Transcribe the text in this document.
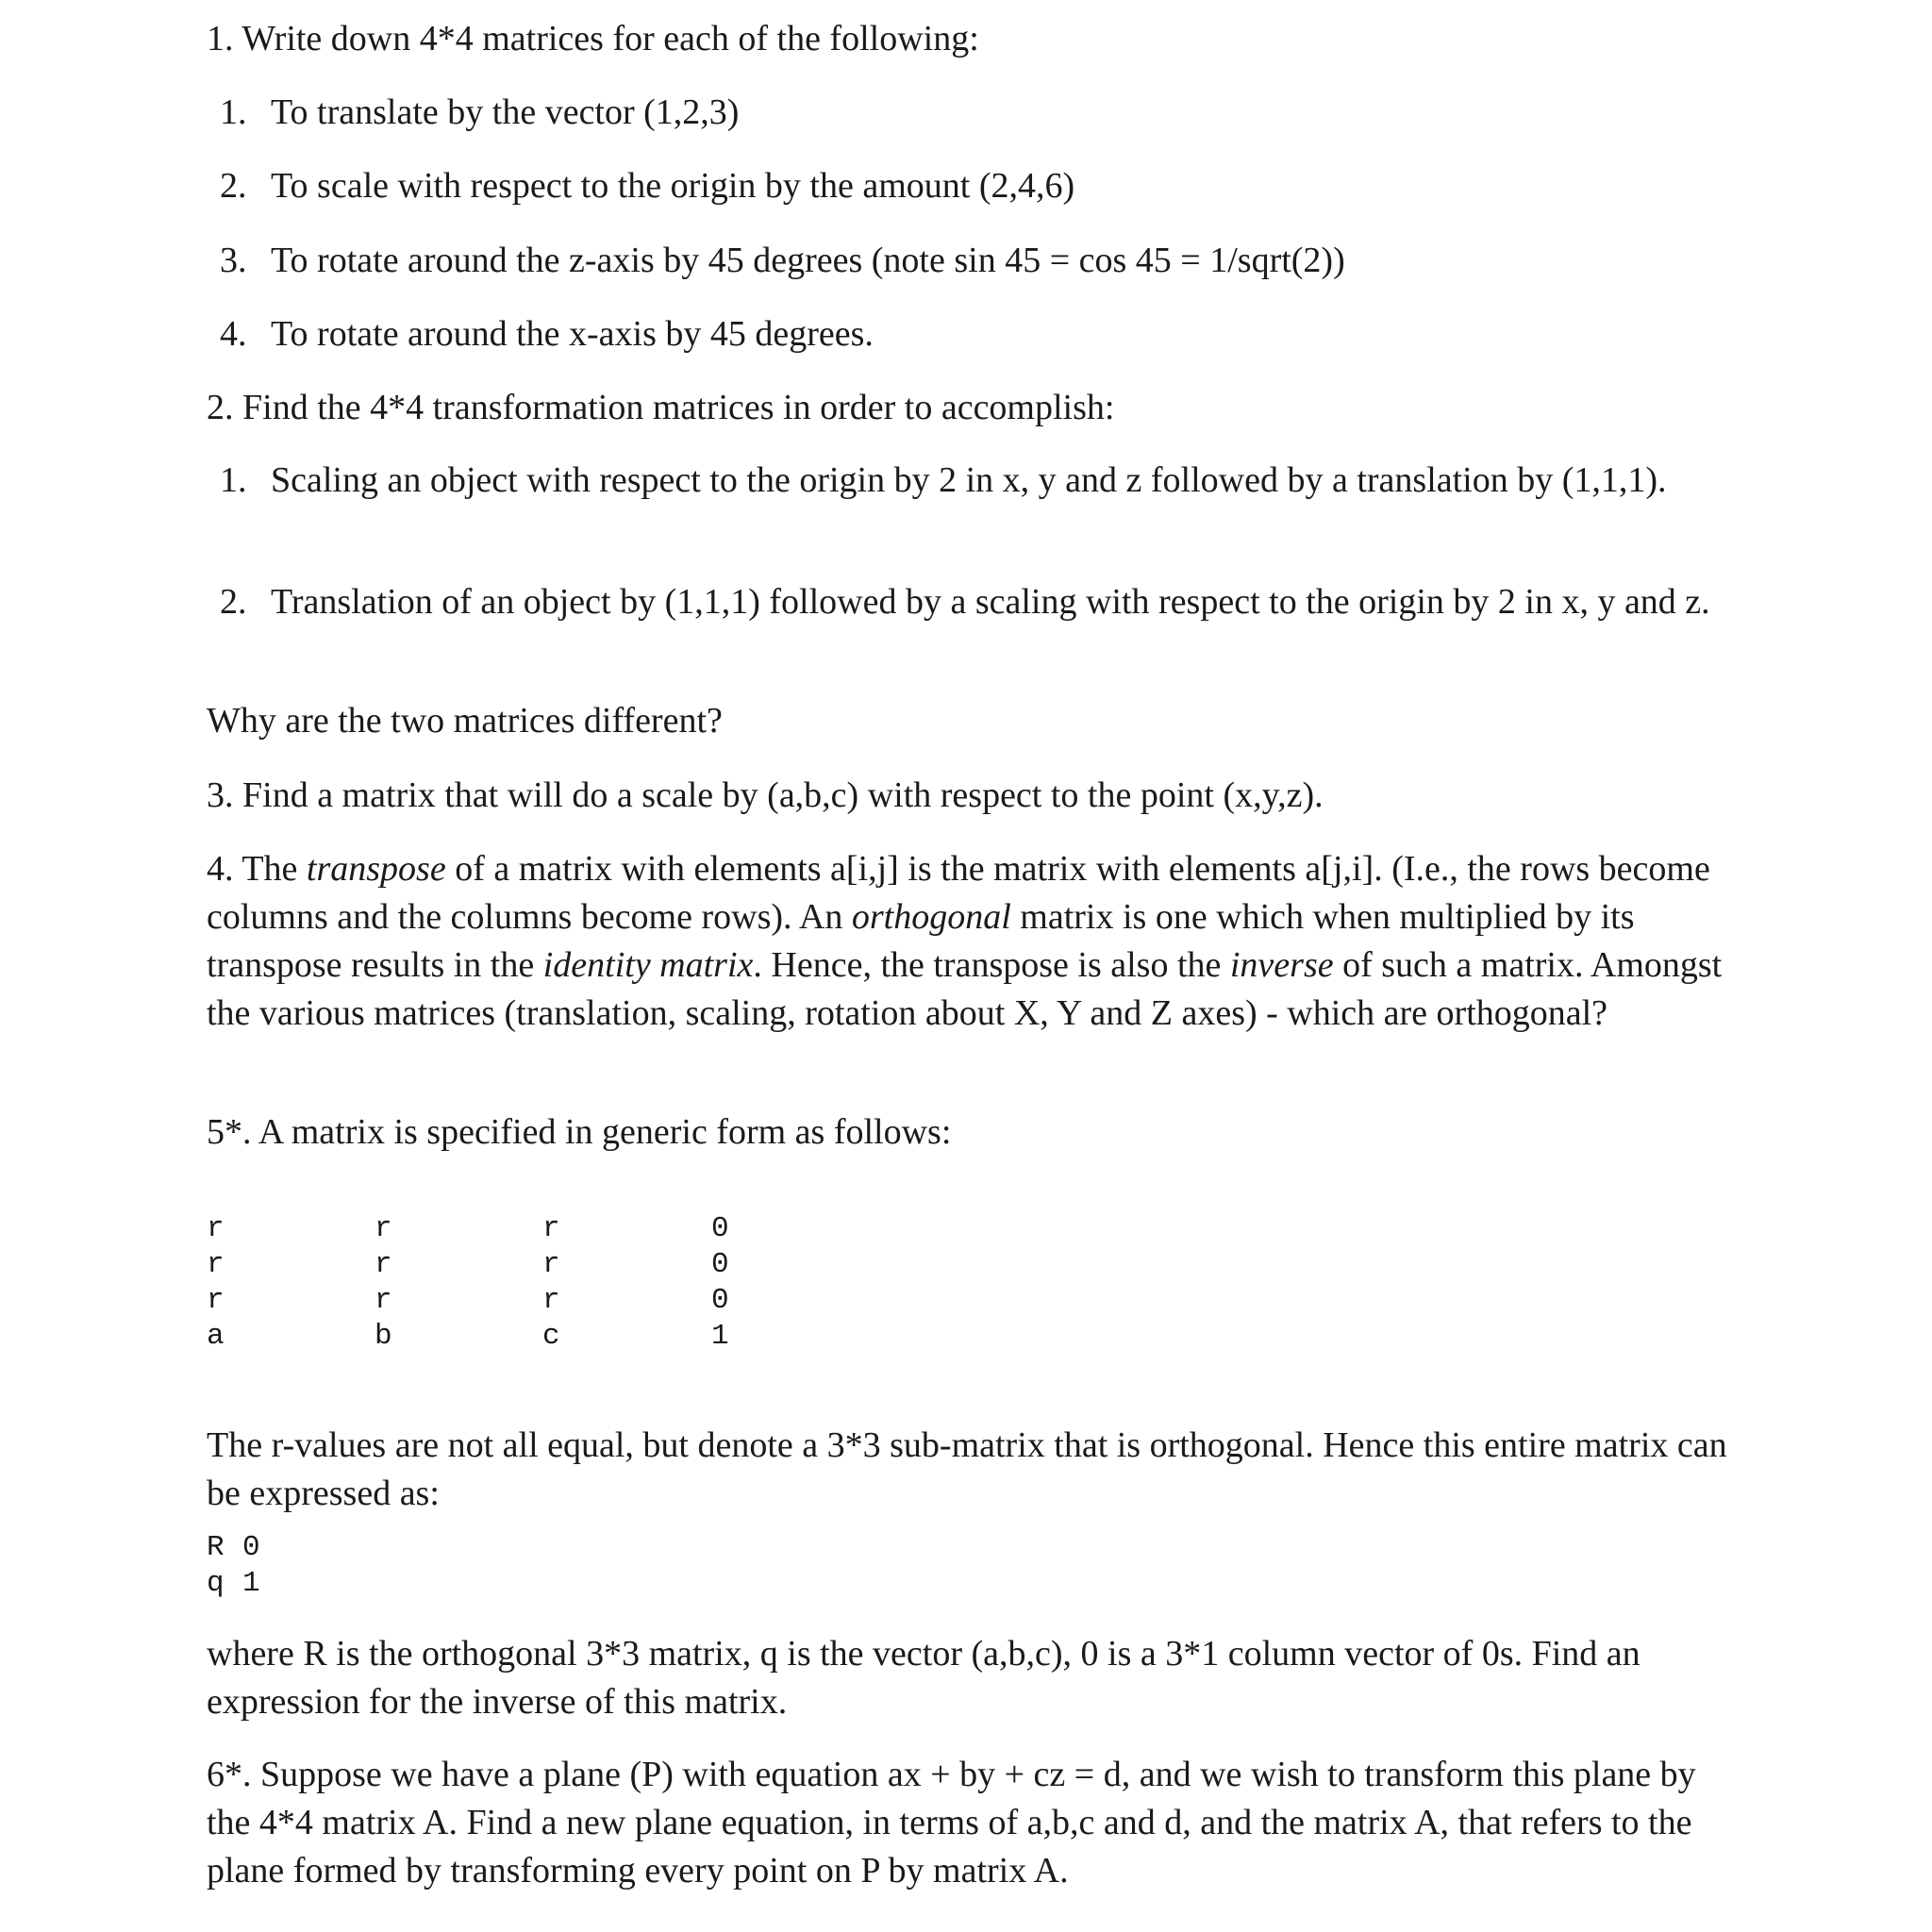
1. Write down 4*4 matrices for each of the following:

1. To translate by the vector (1,2,3)
2. To scale with respect to the origin by the amount (2,4,6)
3. To rotate around the z-axis by 45 degrees (note sin 45 = cos 45 = 1/sqrt(2))
4. To rotate around the x-axis by 45 degrees.

2. Find the 4*4 transformation matrices in order to accomplish:

1. Scaling an object with respect to the origin by 2 in x, y and z followed by a translation by (1,1,1).
2. Translation of an object by (1,1,1) followed by a scaling with respect to the origin by 2 in x, y and z.

Why are the two matrices different?

3. Find a matrix that will do a scale by (a,b,c) with respect to the point (x,y,z).

4. The transpose of a matrix with elements a[i,j] is the matrix with elements a[j,i]. (I.e., the rows become columns and the columns become rows). An orthogonal matrix is one which when multiplied by its transpose results in the identity matrix. Hence, the transpose is also the inverse of such a matrix. Amongst the various matrices (translation, scaling, rotation about X, Y and Z axes) - which are orthogonal?

5*. A matrix is specified in generic form as follows:

r	r	r	0
r	r	r	0
r	r	r	0
a	b	c	1

The r-values are not all equal, but denote a 3*3 sub-matrix that is orthogonal. Hence this entire matrix can be expressed as:

R 0
q 1

where R is the orthogonal 3*3 matrix, q is the vector (a,b,c), 0 is a 3*1 column vector of 0s. Find an expression for the inverse of this matrix.

6*. Suppose we have a plane (P) with equation ax + by + cz = d, and we wish to transform this plane by the 4*4 matrix A. Find a new plane equation, in terms of a,b,c and d, and the matrix A, that refers to the plane formed by transforming every point on P by matrix A.
